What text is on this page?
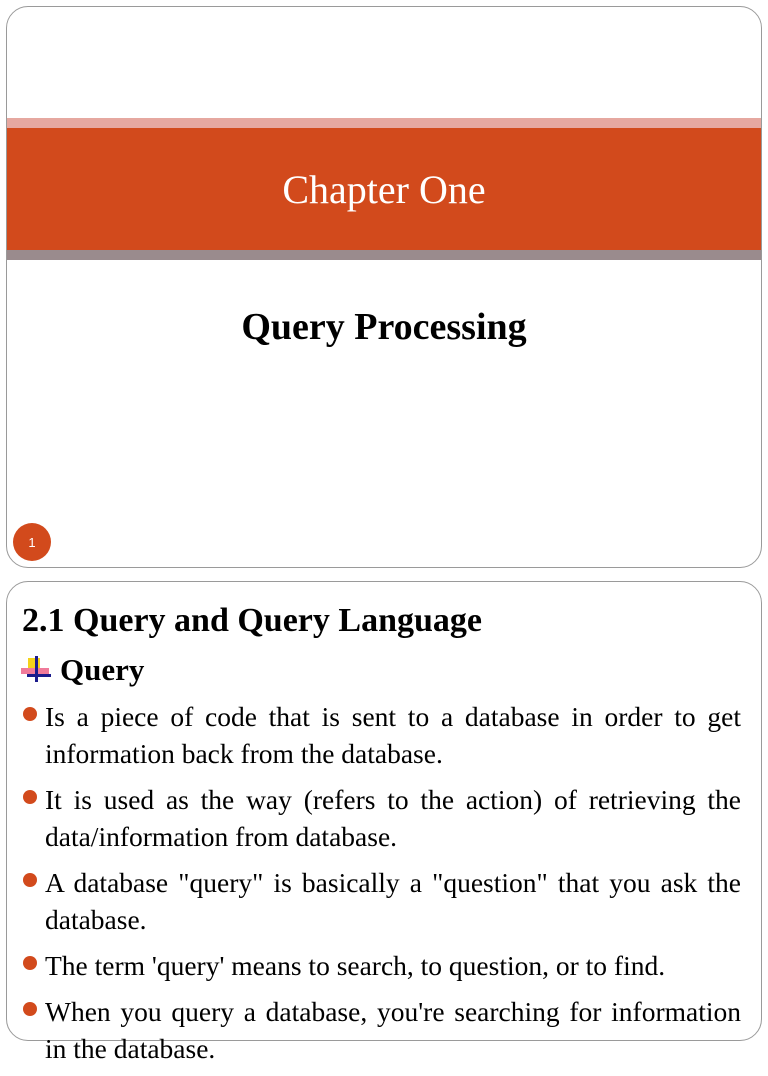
Chapter One
Query Processing
1
2.1 Query and Query Language
Query
Is a piece of code that is sent to a database in order to get information back from the database.
It is used as the way (refers to the action) of retrieving the data/information from database.
A database "query" is basically a "question" that you ask the database.
The term 'query' means to search, to question, or to find.
When you query a database, you're searching for information in the database.
